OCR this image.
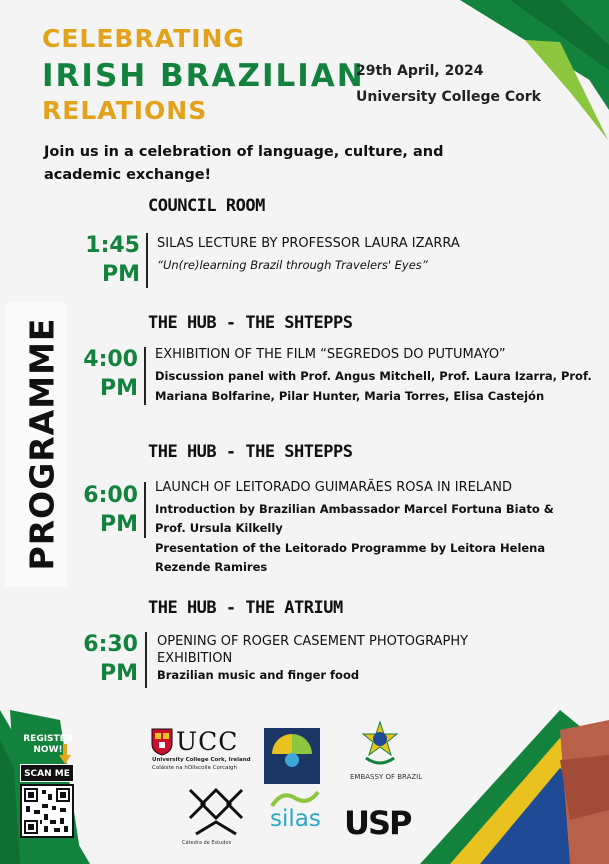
CELEBRATING
IRISH BRAZILIAN
RELATIONS
29th April, 2024
University College Cork
Join us in a celebration of language, culture, and academic exchange!
PROGRAMME
COUNCIL ROOM
1:45
PM
SILAS LECTURE BY PROFESSOR LAURA IZARRA
“Un(re)learning Brazil through Travelers' Eyes”
THE HUB - THE SHTEPPS
4:00
PM
EXHIBITION OF THE FILM “SEGREDOS DO PUTUMAYO”
Discussion panel with Prof. Angus Mitchell, Prof. Laura Izarra, Prof.
Mariana Bolfarine, Pilar Hunter, Maria Torres, Elisa Castejón
THE HUB - THE SHTEPPS
6:00
PM
LAUNCH OF LEITORADO GUIMARÃES ROSA IN IRELAND
Introduction by Brazilian Ambassador Marcel Fortuna Biato &
Prof. Ursula Kilkelly
Presentation of the Leitorado Programme by Leitora Helena
Rezende Ramires
THE HUB - THE ATRIUM
6:30
PM
OPENING OF ROGER CASEMENT PHOTOGRAPHY
EXHIBITION
Brazilian music and finger food
REGISTER
NOW!
SCAN ME
UCC
University College Cork, Ireland
Coláiste na hOllscoile Corcaigh
EMBASSY OF BRAZIL
Cátedra de Estudos
silas USP
